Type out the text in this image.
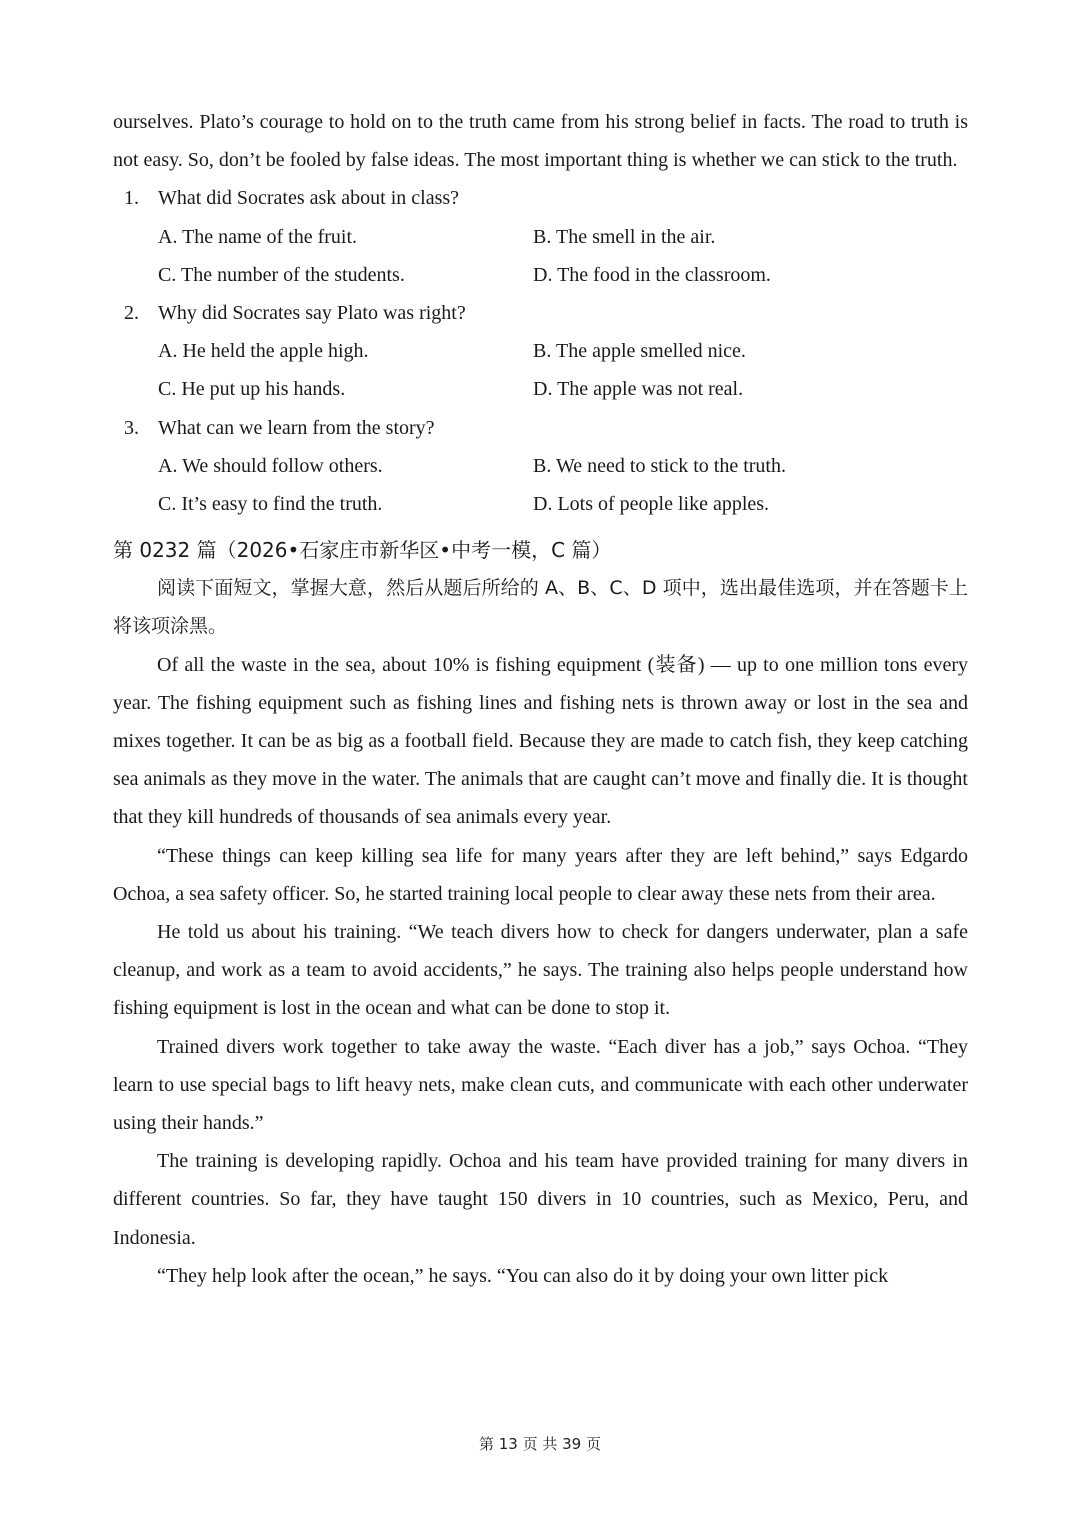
ourselves. Plato’s courage to hold on to the truth came from his strong belief in facts. The road to truth is not easy. So, don’t be fooled by false ideas. The most important thing is whether we can stick to the truth.

1. What did Socrates ask about in class?
A. The name of the fruit.	B. The smell in the air.
C. The number of the students.	D. The food in the classroom.
2. Why did Socrates say Plato was right?
A. He held the apple high.	B. The apple smelled nice.
C. He put up his hands.	D. The apple was not real.
3. What can we learn from the story?
A. We should follow others.	B. We need to stick to the truth.
C. It’s easy to find the truth.	D. Lots of people like apples.
第 0232 篇（2026•石家庄市新华区•中考一模，C 篇）

阅读下面短文，掌握大意，然后从题后所给的 A、B、C、D 项中，选出最佳选项，并在答题卡上将该项涂黑。

Of all the waste in the sea, about 10% is fishing equipment (装备) — up to one million tons every year. The fishing equipment such as fishing lines and fishing nets is thrown away or lost in the sea and mixes together. It can be as big as a football field. Because they are made to catch fish, they keep catching sea animals as they move in the water. The animals that are caught can’t move and finally die. It is thought that they kill hundreds of thousands of sea animals every year.

“These things can keep killing sea life for many years after they are left behind,” says Edgardo Ochoa, a sea safety officer. So, he started training local people to clear away these nets from their area.

He told us about his training. “We teach divers how to check for dangers underwater, plan a safe cleanup, and work as a team to avoid accidents,” he says. The training also helps people understand how fishing equipment is lost in the ocean and what can be done to stop it.

Trained divers work together to take away the waste. “Each diver has a job,” says Ochoa. “They learn to use special bags to lift heavy nets, make clean cuts, and communicate with each other underwater using their hands.”

The training is developing rapidly. Ochoa and his team have provided training for many divers in different countries. So far, they have taught 150 divers in 10 countries, such as Mexico, Peru, and Indonesia.

“They help look after the ocean,” he says. “You can also do it by doing your own litter pick

第 13 页 共 39 页
